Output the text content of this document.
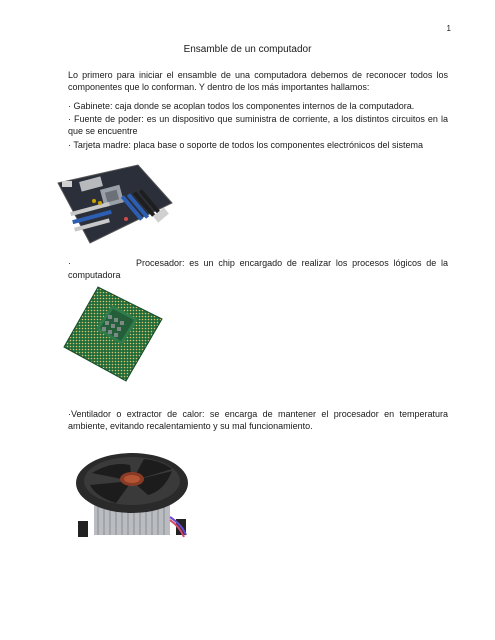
1
Ensamble de un computador
Lo primero para iniciar el ensamble de una computadora debemos de reconocer todos los componentes que lo conforman. Y dentro de los más importantes hallamos:
· Gabinete: caja donde se acoplan todos los componentes internos de la computadora.
· Fuente de poder: es un dispositivo que suministra de corriente, a los distintos circuitos en la que se encuentre
· Tarjeta madre: placa base o soporte de todos los componentes electrónicos del sistema
·	Procesador: es un chip encargado de realizar los procesos lógicos de la computadora
·Ventilador o extractor de calor: se encarga de mantener el procesador en temperatura ambiente, evitando recalentamiento y su mal funcionamiento.
